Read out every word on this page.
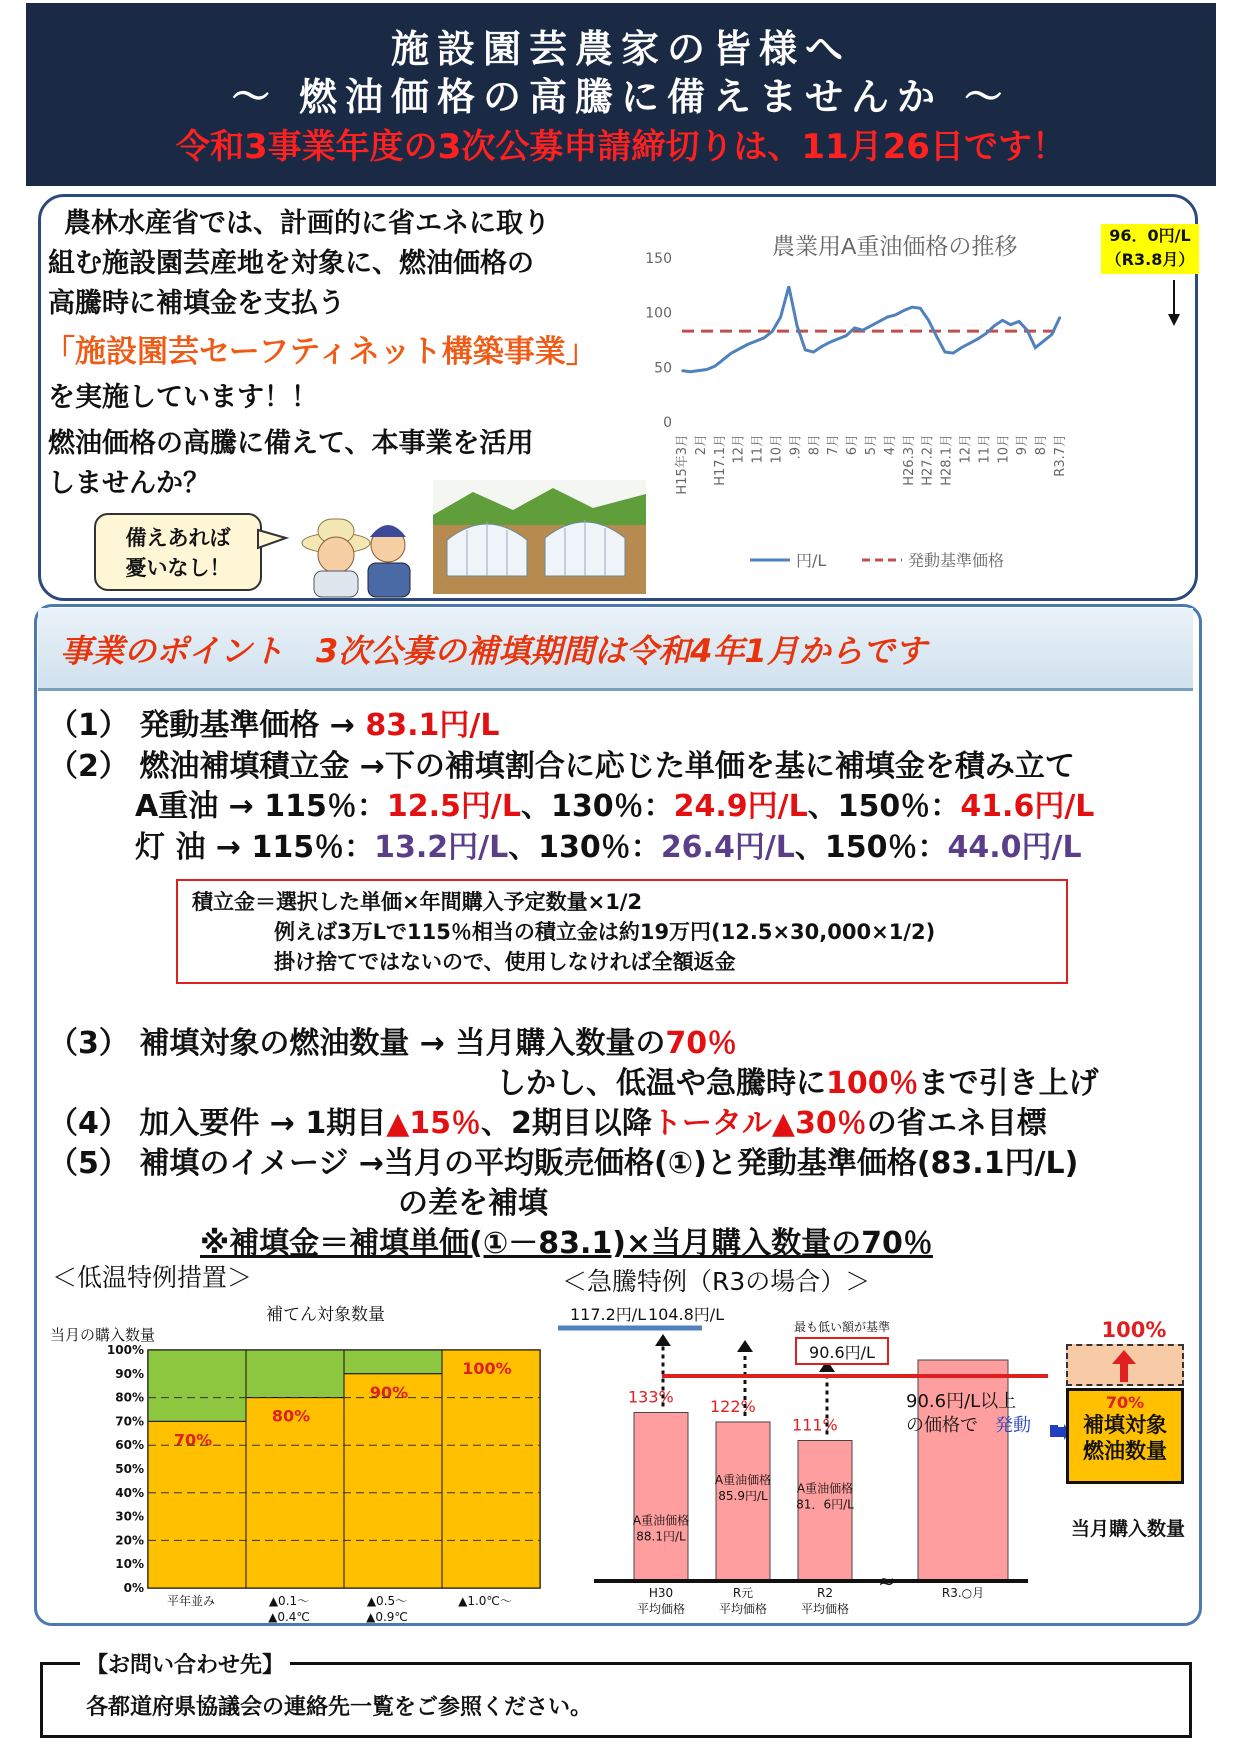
施設園芸農家の皆様へ
～ 燃油価格の高騰に備えませんか ～
令和3事業年度の3次公募申請締切りは、11月26日です！
農林水産省では、計画的に省エネに取り
組む施設園芸産地を対象に、燃油価格の
高騰時に補填金を支払う
「施設園芸セーフティネット構築事業」
を実施しています！！
燃油価格の高騰に備えて、本事業を活用
しませんか？
備えあれば
憂いなし！
農業用A重油価格の推移
0
50
100
150
H15年3月 2月 H17.1月 12月 11月 10月 .9月 8月 7月 6月 5月 4月 H26.3月 H27.2月 H28.1月 12月 11月 10月 9月 8月 R3.7月
円/L	発動基準価格
96．0円/L
（R3.8月）
事業のポイント　3次公募の補填期間は令和4年1月からです
（1） 発動基準価格 → 83.1円/L
（2） 燃油補填積立金 →下の補填割合に応じた単価を基に補填金を積み立て
A重油 → 115％：12.5円/L、130％：24.9円/L、150％：41.6円/L
灯 油 → 115％：13.2円/L、130％：26.4円/L、150％：44.0円/L
積立金＝選択した単価×年間購入予定数量×1/2
例えば3万Lで115％相当の積立金は約19万円(12.5×30,000×1/2)
掛け捨てではないので、使用しなければ全額返金
（3） 補填対象の燃油数量 → 当月購入数量の70％
しかし、低温や急騰時に100％まで引き上げ
（4） 加入要件 → 1期目▲15％、2期目以降トータル▲30％の省エネ目標
（5） 補填のイメージ →当月の平均販売価格(①)と発動基準価格(83.1円/L)
の差を補填
※補填金＝補填単価(①－83.1)×当月購入数量の70％
＜低温特例措置＞	＜急騰特例（R3の場合）＞
補てん対象数量
当月の購入数量
70%
80%
90%
100%
0%
10%
20%
30%
40%
50%
60%
70%
80%
90%
100%
平年並み	▲0.1～
▲0.4℃
▲0.5～
▲0.9℃
▲1.0℃～
A重油価格
88.1円/L
H30
平均価格
133%
A重油価格
85.9円/L
R元
平均価格
122%
A重油価格
81．6円/L
R2
平均価格
111%
R3.○月
117.2円/L 104.8円/L
90.6円/L
最も低い額が基準
90.6円/L以上
の価格で 発動
≈
100%
70%
補填対象
燃油数量
当月購入数量
【お問い合わせ先】
各都道府県協議会の連絡先一覧をご参照ください。
